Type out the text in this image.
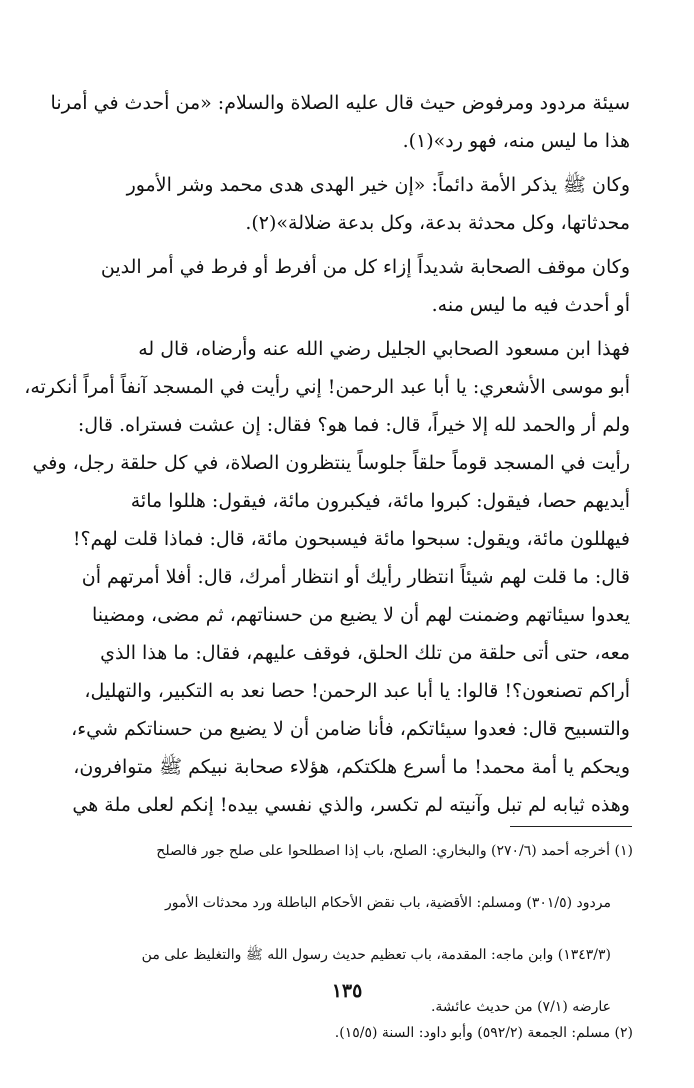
سيئة مردود ومرفوض حيث قال عليه الصلاة والسلام: «من أحدث في أمرنا
هذا ما ليس منه، فهو رد»(١).

وكان ﷺ يذكر الأمة دائماً: «إن خير الهدى هدى محمد وشر الأمور
محدثاتها، وكل محدثة بدعة، وكل بدعة ضلالة»(٢).

وكان موقف الصحابة شديداً إزاء كل من أفرط أو فرط في أمر الدين
أو أحدث فيه ما ليس منه.

فهذا ابن مسعود الصحابي الجليل رضي الله عنه وأرضاه، قال له
أبو موسى الأشعري: يا أبا عبد الرحمن! إني رأيت في المسجد آنفاً أمراً أنكرته،
ولم أر والحمد لله إلا خيراً، قال: فما هو؟ فقال: إن عشت فستراه. قال:
رأيت في المسجد قوماً حلقاً جلوساً ينتظرون الصلاة، في كل حلقة رجل، وفي
أيديهم حصا، فيقول: كبروا مائة، فيكبرون مائة، فيقول: هللوا مائة
فيهللون مائة، ويقول: سبحوا مائة فيسبحون مائة، قال: فماذا قلت لهم؟!
قال: ما قلت لهم شيئاً انتظار رأيك أو انتظار أمرك، قال: أفلا أمرتهم أن
يعدوا سيئاتهم وضمنت لهم أن لا يضيع من حسناتهم، ثم مضى، ومضينا
معه، حتى أتى حلقة من تلك الحلق، فوقف عليهم، فقال: ما هذا الذي
أراكم تصنعون؟! قالوا: يا أبا عبد الرحمن! حصا نعد به التكبير، والتهليل،
والتسبيح قال: فعدوا سيئاتكم، فأنا ضامن أن لا يضيع من حسناتكم شيء،
ويحكم يا أمة محمد! ما أسرع هلكتكم، هؤلاء صحابة نبيكم ﷺ متوافرون،
وهذه ثيابه لم تبل وآنيته لم تكسر، والذي نفسي بيده! إنكم لعلى ملة هي

(١) أخرجه أحمد (٢٧٠/٦) والبخاري: الصلح، باب إذا اصطلحوا على صلح جور فالصلح

مردود (٣٠١/٥) ومسلم: الأقضية، باب نقض الأحكام الباطلة ورد محدثات الأمور

(١٣٤٣/٣) وابن ماجه: المقدمة، باب تعظيم حديث رسول الله ﷺ والتغليظ على من

عارضه (٧/١) من حديث عائشة.

(٢) مسلم: الجمعة (٥٩٢/٢) وأبو داود: السنة (١٥/٥).

١٣٥
